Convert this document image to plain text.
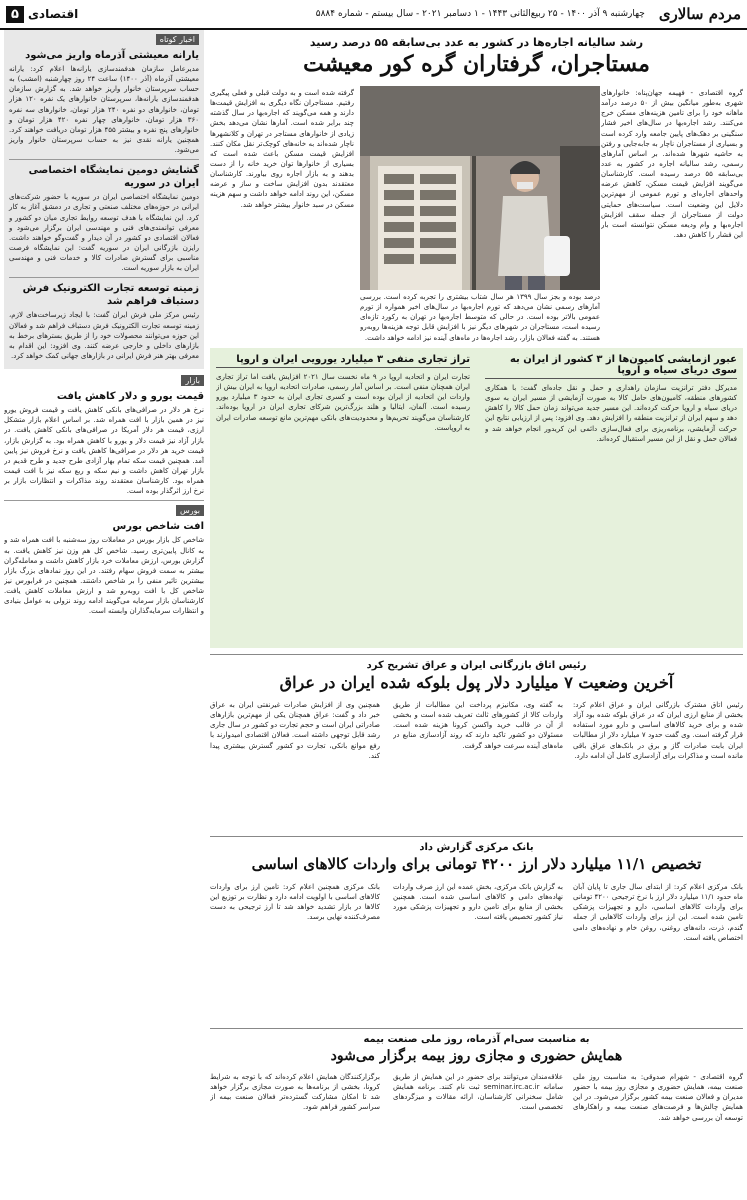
مردم سالاری
چهارشنبه ۹ آذر ۱۴۰۰ - ۲۵ ربیع‌الثانی ۱۴۴۳ - ۱ دسامبر ۲۰۲۱ - سال بیستم - شماره ۵۸۸۴
اقتصادی
۵
اخبار کوتاه
یارانه معیشتی آذرماه واریز می‌شود

مدیرعامل سازمان هدفمندسازی یارانه‌ها اعلام کرد: یارانه معیشتی آذرماه (آذر ۱۴۰۰) ساعت ۲۴ روز چهارشنبه (امشب) به حساب سرپرستان خانوار واریز خواهد شد. به گزارش سازمان هدفمندسازی یارانه‌ها، سرپرستان خانوارهای یک نفره ۱۲۰ هزار تومان، خانوارهای دو نفره ۲۴۰ هزار تومان، خانوارهای سه نفره ۳۶۰ هزار تومان، خانوارهای چهار نفره ۴۲۰ هزار تومان و خانوارهای پنج نفره و بیشتر ۴۵۵ هزار تومان دریافت خواهند کرد. همچنین یارانه نقدی نیز به حساب سرپرستان خانوار واریز می‌شود.

گشایش دومین نمایشگاه اختصاصی ایران در سوریه

دومین نمایشگاه اختصاصی ایران در سوریه با حضور شرکت‌های ایرانی در حوزه‌های مختلف صنعتی و تجاری در دمشق آغاز به کار کرد. این نمایشگاه با هدف توسعه روابط تجاری میان دو کشور و معرفی توانمندی‌های فنی و مهندسی ایران برگزار می‌شود و فعالان اقتصادی دو کشور در آن دیدار و گفت‌وگو خواهند داشت. رایزن بازرگانی ایران در سوریه گفت: این نمایشگاه فرصت مناسبی برای گسترش صادرات کالا و خدمات فنی و مهندسی ایران به بازار سوریه است.

زمینه توسعه تجارت الکترونیک فرش دستباف فراهم شد

رئیس مرکز ملی فرش ایران گفت: با ایجاد زیرساخت‌های لازم، زمینه توسعه تجارت الکترونیک فرش دستباف فراهم شد و فعالان این حوزه می‌توانند محصولات خود را از طریق بسترهای برخط به بازارهای داخلی و خارجی عرضه کنند. وی افزود: این اقدام به معرفی بهتر هنر فرش ایرانی در بازارهای جهانی کمک خواهد کرد.

بازار
قیمت یورو و دلار کاهش یافت

نرخ هر دلار در صرافی‌های بانکی کاهش یافت و قیمت فروش یورو نیز در همین بازار با افت همراه شد. بر اساس اعلام بازار متشکل ارزی، قیمت هر دلار آمریکا در صرافی‌های بانکی کاهش یافت. در بازار آزاد نیز قیمت دلار و یورو با کاهش همراه بود. به گزارش بازار، قیمت خرید هر دلار در صرافی‌ها کاهش یافت و نرخ فروش نیز پایین آمد. همچنین قیمت سکه تمام بهار آزادی طرح جدید و طرح قدیم در بازار تهران کاهش داشت و نیم سکه و ربع سکه نیز با افت قیمت همراه بود. کارشناسان معتقدند روند مذاکرات و انتظارات بازار بر نرخ ارز اثرگذار بوده است.

بورس
افت شاخص بورس

شاخص کل بازار بورس در معاملات روز سه‌شنبه با افت همراه شد و به کانال پایین‌تری رسید. شاخص کل هم وزن نیز کاهش یافت. به گزارش بورس، ارزش معاملات خرد بازار کاهش داشت و معامله‌گران بیشتر به سمت فروش سهام رفتند. در این روز نمادهای بزرگ بازار بیشترین تاثیر منفی را بر شاخص داشتند. همچنین در فرابورس نیز شاخص کل با افت روبه‌رو شد و ارزش معاملات کاهش یافت. کارشناسان بازار سرمایه می‌گویند ادامه روند نزولی به عوامل بنیادی و انتظارات سرمایه‌گذاران وابسته است.

رشد سالیانه اجاره‌ها در کشور به عدد بی‌سابقه ۵۵ درصد رسید
مستاجران، گرفتاران گره کور معیشت
گروه اقتصادی - فهیمه جهان‌پناه: خانوارهای شهری به‌طور میانگین بیش از ۵۰ درصد درآمد ماهانه خود را برای تامین هزینه‌های مسکن خرج می‌کنند. رشد اجاره‌بها در سال‌های اخیر فشار سنگینی بر دهک‌های پایین جامعه وارد کرده است و بسیاری از مستاجران ناچار به جابه‌جایی و رفتن به حاشیه شهرها شده‌اند. بر اساس آمارهای رسمی، رشد سالیانه اجاره در کشور به عدد بی‌سابقه ۵۵ درصد رسیده است. کارشناسان می‌گویند افزایش قیمت مسکن، کاهش عرضه واحدهای اجاره‌ای و تورم عمومی از مهم‌ترین دلایل این وضعیت است. سیاست‌های حمایتی دولت از مستاجران از جمله سقف افزایش اجاره‌بها و وام ودیعه مسکن نتوانسته است بار این فشار را کاهش دهد.
گرفته شده است و به دولت قبلی و فعلی پیگیری رفتیم. مستاجران نگاه دیگری به افزایش قیمت‌ها دارند و همه می‌گویند که اجاره‌بها در سال گذشته چند برابر شده است. آمارها نشان می‌دهد بخش زیادی از خانوارهای مستاجر در تهران و کلانشهرها ناچار شده‌اند به خانه‌های کوچک‌تر نقل مکان کنند. افزایش قیمت مسکن باعث شده است که بسیاری از خانوارها توان خرید خانه را از دست بدهند و به بازار اجاره روی بیاورند. کارشناسان معتقدند بدون افزایش ساخت و ساز و عرضه مسکن، این روند ادامه خواهد داشت و سهم هزینه مسکن در سبد خانوار بیشتر خواهد شد.
درصد بوده و بجز سال ۱۳۹۹ هر سال شتاب بیشتری را تجربه کرده است. بررسی آمارهای رسمی نشان می‌دهد که تورم اجاره‌بها در سال‌های اخیر همواره از تورم عمومی بالاتر بوده است. در حالی که متوسط اجاره‌بها در تهران به رکورد تازه‌ای رسیده است، مستاجران در شهرهای دیگر نیز با افزایش قابل توجه هزینه‌ها روبه‌رو هستند. به گفته فعالان بازار، رشد اجاره‌ها در ماه‌های آینده نیز ادامه خواهد داشت.
عبور آزمایشی کامیون‌ها از ۳ کشور از ایران به سوی دریای سیاه و اروپا
مدیرکل دفتر ترانزیت سازمان راهداری و حمل و نقل جاده‌ای گفت: با همکاری کشورهای منطقه، کامیون‌های حامل کالا به صورت آزمایشی از مسیر ایران به سوی دریای سیاه و اروپا حرکت کرده‌اند. این مسیر جدید می‌تواند زمان حمل کالا را کاهش دهد و سهم ایران از ترانزیت منطقه را افزایش دهد. وی افزود: پس از ارزیابی نتایج این حرکت آزمایشی، برنامه‌ریزی برای فعال‌سازی دائمی این کریدور انجام خواهد شد و فعالان حمل و نقل از این مسیر استقبال کرده‌اند.
تراز تجاری منفی ۳ میلیارد یورویی ایران و اروپا
تجارت ایران و اتحادیه اروپا در ۹ ماه نخست سال ۲۰۲۱ افزایش یافت اما تراز تجاری ایران همچنان منفی است. بر اساس آمار رسمی، صادرات اتحادیه اروپا به ایران بیش از واردات این اتحادیه از ایران بوده است و کسری تجاری ایران به حدود ۳ میلیارد یورو رسیده است. آلمان، ایتالیا و هلند بزرگ‌ترین شرکای تجاری ایران در اروپا بوده‌اند. کارشناسان می‌گویند تحریم‌ها و محدودیت‌های بانکی مهم‌ترین مانع توسعه صادرات ایران به اروپاست.
رئیس اتاق بازرگانی ایران و عراق تشریح کرد
آخرین وضعیت ۷ میلیارد دلار پول بلوکه شده ایران در عراق
رئیس اتاق مشترک بازرگانی ایران و عراق اعلام کرد: بخشی از منابع ارزی ایران که در عراق بلوکه شده بود آزاد شده و برای خرید کالاهای اساسی و دارو مورد استفاده قرار گرفته است. وی گفت حدود ۷ میلیارد دلار از مطالبات ایران بابت صادرات گاز و برق در بانک‌های عراق باقی مانده است و مذاکرات برای آزادسازی کامل آن ادامه دارد.
به گفته وی، مکانیزم پرداخت این مطالبات از طریق واردات کالا از کشورهای ثالث تعریف شده است و بخشی از آن در قالب خرید واکسن کرونا هزینه شده است. مسئولان دو کشور تاکید دارند که روند آزادسازی منابع در ماه‌های آینده سرعت خواهد گرفت.
همچنین وی از افزایش صادرات غیرنفتی ایران به عراق خبر داد و گفت: عراق همچنان یکی از مهم‌ترین بازارهای صادراتی ایران است و حجم تجارت دو کشور در سال جاری رشد قابل توجهی داشته است. فعالان اقتصادی امیدوارند با رفع موانع بانکی، تجارت دو کشور گسترش بیشتری پیدا کند.
بانک مرکزی گزارش داد
تخصیص ۱۱/۱ میلیارد دلار ارز ۴۲۰۰ تومانی برای واردات کالاهای اساسی
بانک مرکزی اعلام کرد: از ابتدای سال جاری تا پایان آبان ماه حدود ۱۱/۱ میلیارد دلار ارز با نرخ ترجیحی ۴۲۰۰ تومانی برای واردات کالاهای اساسی، دارو و تجهیزات پزشکی تامین شده است. این ارز برای واردات کالاهایی از جمله گندم، ذرت، دانه‌های روغنی، روغن خام و نهاده‌های دامی اختصاص یافته است.
به گزارش بانک مرکزی، بخش عمده این ارز صرف واردات نهاده‌های دامی و کالاهای اساسی شده است. همچنین بخشی از منابع برای تامین دارو و تجهیزات پزشکی مورد نیاز کشور تخصیص یافته است.
بانک مرکزی همچنین اعلام کرد: تامین ارز برای واردات کالاهای اساسی با اولویت ادامه دارد و نظارت بر توزیع این کالاها در بازار تشدید خواهد شد تا ارز ترجیحی به دست مصرف‌کننده نهایی برسد.
به مناسبت سی‌ام آذرماه، روز ملی صنعت بیمه
همایش حضوری و مجازی روز بیمه برگزار می‌شود
گروه اقتصادی - شهرام صدوقی: به مناسبت روز ملی صنعت بیمه، همایش حضوری و مجازی روز بیمه با حضور مدیران و فعالان صنعت بیمه کشور برگزار می‌شود. در این همایش چالش‌ها و فرصت‌های صنعت بیمه و راهکارهای توسعه آن بررسی خواهد شد.
علاقه‌مندان می‌توانند برای حضور در این همایش از طریق سامانه seminar.irc.ac.ir ثبت نام کنند. برنامه همایش شامل سخنرانی کارشناسان، ارائه مقالات و میزگردهای تخصصی است.
برگزارکنندگان همایش اعلام کرده‌اند که با توجه به شرایط کرونا، بخشی از برنامه‌ها به صورت مجازی برگزار خواهد شد تا امکان مشارکت گسترده‌تر فعالان صنعت بیمه از سراسر کشور فراهم شود.
